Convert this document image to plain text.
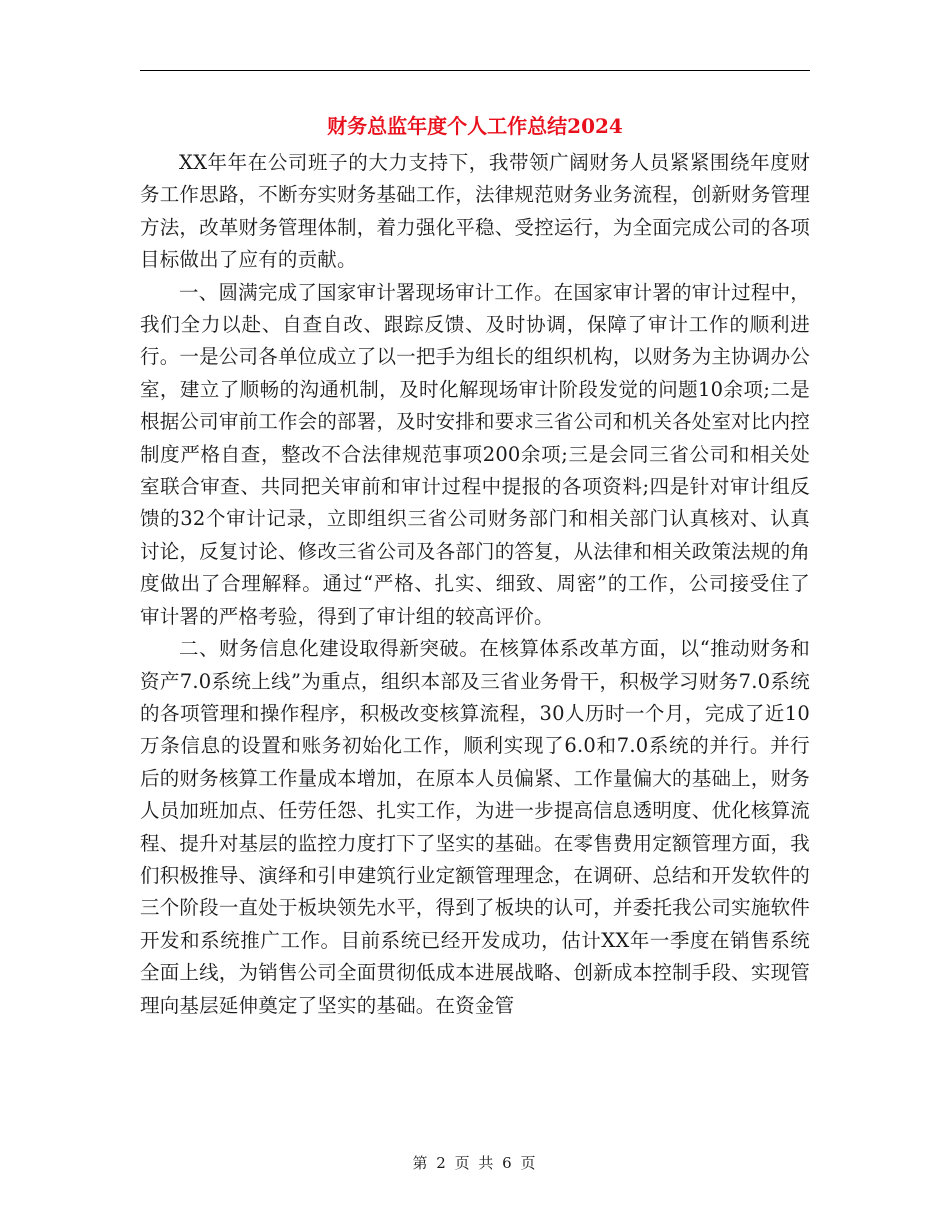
财务总监年度个人工作总结2024

XX年年在公司班子的大力支持下，我带领广阔财务人员紧紧围绕年度财务工作思路，不断夯实财务基础工作，法律规范财务业务流程，创新财务管理方法，改革财务管理体制，着力强化平稳、受控运行，为全面完成公司的各项目标做出了应有的贡献。

一、圆满完成了国家审计署现场审计工作。在国家审计署的审计过程中，我们全力以赴、自查自改、跟踪反馈、及时协调，保障了审计工作的顺利进行。一是公司各单位成立了以一把手为组长的组织机构，以财务为主协调办公室，建立了顺畅的沟通机制，及时化解现场审计阶段发觉的问题10余项;二是根据公司审前工作会的部署，及时安排和要求三省公司和机关各处室对比内控制度严格自查，整改不合法律规范事项200余项;三是会同三省公司和相关处室联合审查、共同把关审前和审计过程中提报的各项资料;四是针对审计组反馈的32个审计记录，立即组织三省公司财务部门和相关部门认真核对、认真讨论，反复讨论、修改三省公司及各部门的答复，从法律和相关政策法规的角度做出了合理解释。通过“严格、扎实、细致、周密”的工作，公司接受住了审计署的严格考验，得到了审计组的较高评价。

二、财务信息化建设取得新突破。在核算体系改革方面，以“推动财务和资产7.0系统上线”为重点，组织本部及三省业务骨干，积极学习财务7.0系统的各项管理和操作程序，积极改变核算流程，30人历时一个月，完成了近10万条信息的设置和账务初始化工作，顺利实现了6.0和7.0系统的并行。并行后的财务核算工作量成本增加，在原本人员偏紧、工作量偏大的基础上，财务人员加班加点、任劳任怨、扎实工作，为进一步提高信息透明度、优化核算流程、提升对基层的监控力度打下了坚实的基础。在零售费用定额管理方面，我们积极推导、演绎和引申建筑行业定额管理理念，在调研、总结和开发软件的三个阶段一直处于板块领先水平，得到了板块的认可，并委托我公司实施软件开发和系统推广工作。目前系统已经开发成功，估计XX年一季度在销售系统全面上线，为销售公司全面贯彻低成本进展战略、创新成本控制手段、实现管理向基层延伸奠定了坚实的基础。在资金管

第 2 页 共 6 页
